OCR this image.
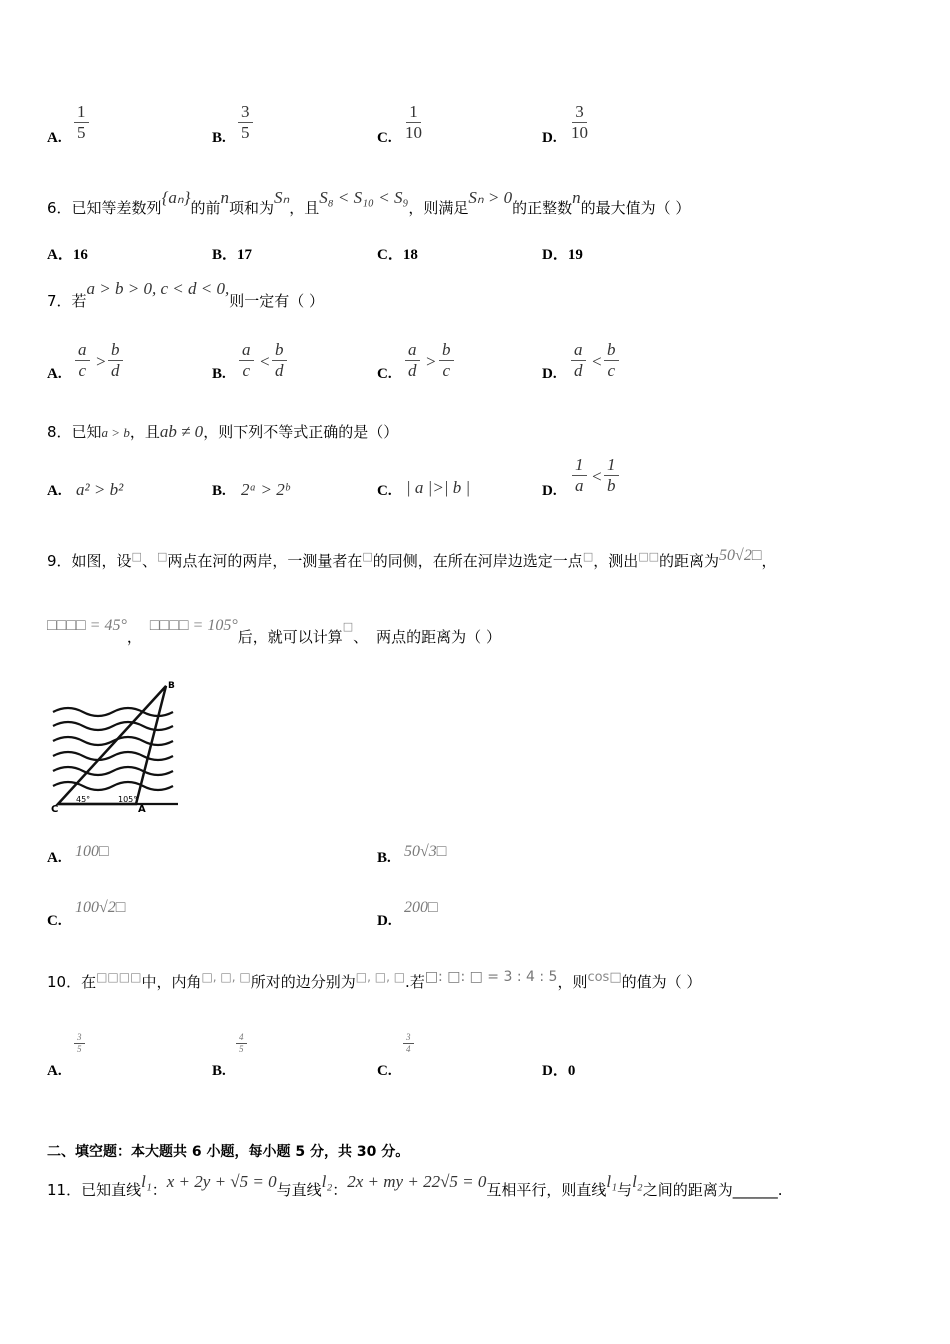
A. $\frac{1}{5}$	B. $\frac{3}{5}$	C. $\frac{1}{10}$	D. $\frac{3}{10}$
6．已知等差数列{aₙ}的前n项和为Sₙ，且S₈ < S₁₀ < S₉，则满足Sₙ > 0的正整数n的最大值为（ ）
A．16	B．17	C．18	D．19
7．若a > b > 0, c < d < 0,则一定有（ ）
A. $\frac{a}{c} > \frac{b}{d}$	B. $\frac{a}{c} < \frac{b}{d}$	C. $\frac{a}{d} > \frac{b}{c}$	D. $\frac{a}{d} < \frac{b}{c}$
8．已知a > b，且ab ≠ 0，则下列不等式正确的是（）
A. a² > b²	B. 2ᵃ > 2ᵇ	C. | a |>| b |	D. $\frac{1}{a} < \frac{1}{b}$
9．如图，设□、□两点在河的两岸，一测量者在□的同侧，在所在河岸边选定一点□，测出□□的距离为50√2□，
□□□□ = 45°，□□□□ = 105°后，就可以计算□、 两点的距离为（ ）
B
C	A
45°	105°
A. 100□	B. 50√3□
C.
100√2□
D.
200□
10．在□□□□中，内角□, □, □所对的边分别为□, □, □.若□: □: □ = 3 : 4 : 5，则cos□的值为（ ）
A.
$\frac{3}{5}$
B.
$\frac{4}{5}$
C.
$\frac{3}{4}$
D．0
二、填空题：本大题共 6 小题，每小题 5 分，共 30 分。
11．已知直线l₁：x + 2y + √5 = 0与直线l₂：2x + my + 22√5 = 0互相平行，则直线l₁与l₂之间的距离为______.
